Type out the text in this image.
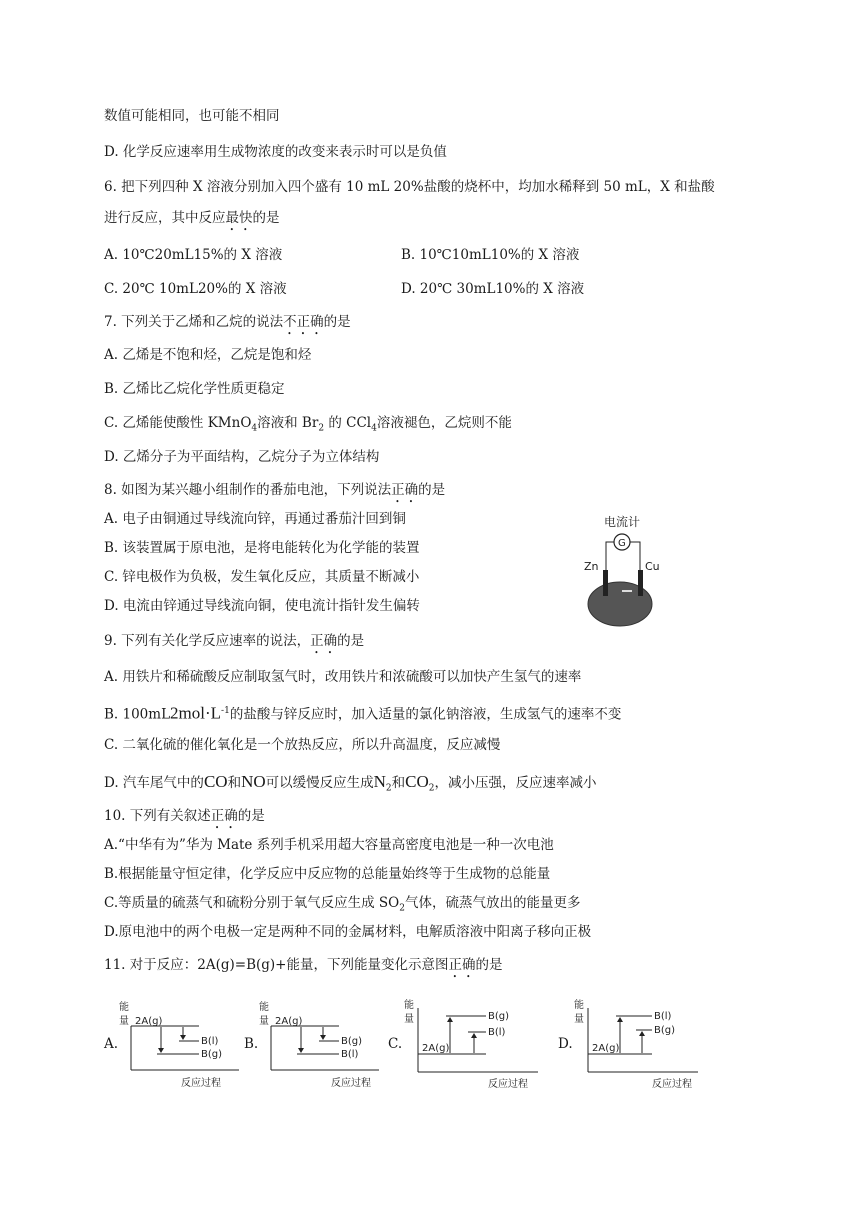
数值可能相同，也可能不相同
D. 化学反应速率用生成物浓度的改变来表示时可以是负值
6. 把下列四种 X 溶液分别加入四个盛有 10 mL 20%盐酸的烧杯中，均加水稀释到 50 mL，X 和盐酸
进行反应，其中反应最快的是
A. 10℃20mL15%的 X 溶液	B. 10℃10mL10%的 X 溶液
C. 20℃ 10mL20%的 X 溶液	D. 20℃ 30mL10%的 X 溶液
7. 下列关于乙烯和乙烷的说法不正确的是
A. 乙烯是不饱和烃，乙烷是饱和烃
B. 乙烯比乙烷化学性质更稳定
C. 乙烯能使酸性 KMnO$_4$溶液和 $Br_2$ 的 CCl$_4$溶液褪色，乙烷则不能
D. 乙烯分子为平面结构，乙烷分子为立体结构
8. 如图为某兴趣小组制作的番茄电池，下列说法正确的是
A. 电子由铜通过导线流向锌，再通过番茄汁回到铜
B. 该装置属于原电池，是将电能转化为化学能的装置
C. 锌电极作为负极，发生氧化反应，其质量不断减小
D. 电流由锌通过导线流向铜，使电流计指针发生偏转
电流计
G
Zn	Cu
9. 下列有关化学反应速率的说法，正确的是
A. 用铁片和稀硫酸反应制取氢气时，改用铁片和浓硫酸可以加快产生氢气的速率
B. $100mL2mol\cdot L^{-1}$的盐酸与锌反应时，加入适量的氯化钠溶液，生成氢气的速率不变
C. 二氧化硫的催化氧化是一个放热反应，所以升高温度，反应减慢
D. 汽车尾气中的CO和NO可以缓慢反应生成$N_2$和$CO_2$，减小压强，反应速率减小
10. 下列有关叙述正确的是
A.“中华有为”华为 Mate 系列手机采用超大容量高密度电池是一种一次电池
B.根据能量守恒定律，化学反应中反应物的总能量始终等于生成物的总能量
C.等质量的硫蒸气和硫粉分别于氧气反应生成 $SO_2$气体，硫蒸气放出的能量更多
D.原电池中的两个电极一定是两种不同的金属材料，电解质溶液中阳离子移向正极
11. 对于反应：2A(g)=B(g)+能量，下列能量变化示意图正确的是
A.
能
量
反应过程
2A(g)
B(l)
B(g)
B.
能
量
反应过程
2A(g)
B(g)
B(l)
C.
能
量
反应过程
B(g)
B(l)
2A(g)	D.
能
量
反应过程
B(l)
B(g)
2A(g)
